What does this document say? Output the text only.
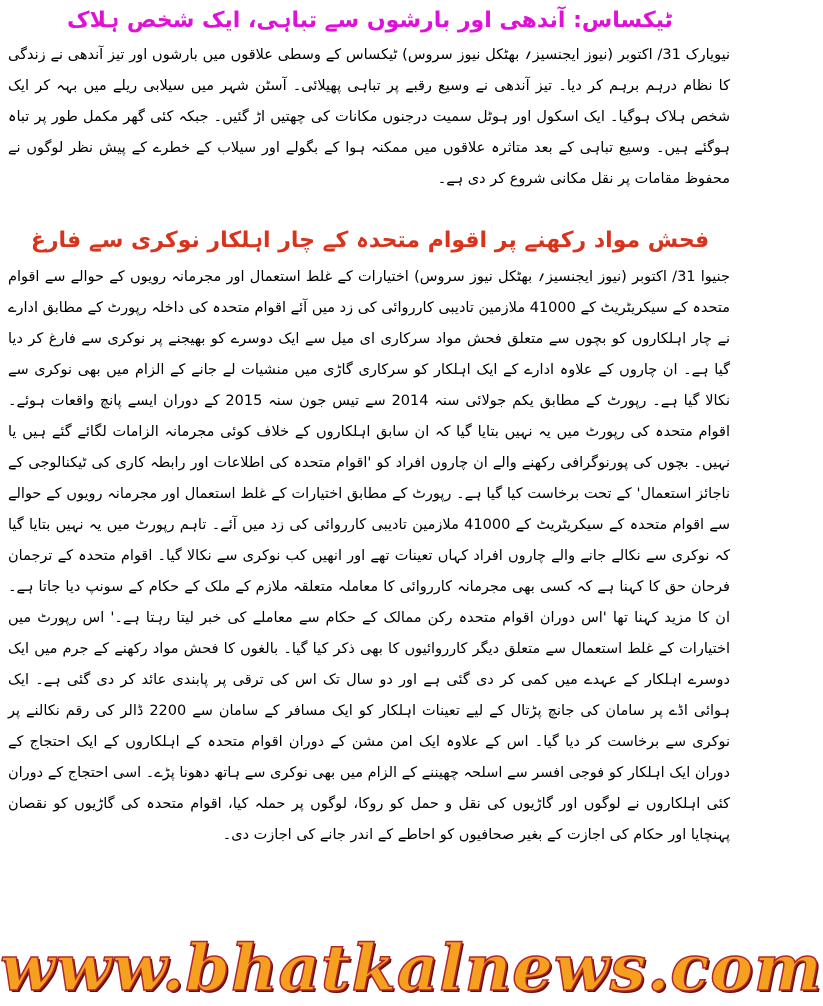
ٹیکساس: آندھی اور بارشوں سے تباہی، ایک شخص ہلاک

نیویارک 31/ اکتوبر (نیوز ایجنسیز؍ بھٹکل نیوز سروس) ٹیکساس کے وسطی علاقوں میں بارشوں اور تیز آندھی نے زندگی کا نظام درہم برہم کر دیا۔ تیز آندھی نے وسیع رقبے پر تباہی پھیلائی۔ آسٹن شہر میں سیلابی ریلے میں بہہ کر ایک شخص ہلاک ہوگیا۔ ایک اسکول اور ہوٹل سمیت درجنوں مکانات کی چھتیں اڑ گئیں۔ جبکہ کئی گھر مکمل طور پر تباہ ہوگئے ہیں۔ وسیع تباہی کے بعد متاثرہ علاقوں میں ممکنہ ہوا کے بگولے اور سیلاب کے خطرے کے پیش نظر لوگوں نے محفوظ مقامات پر نقل مکانی شروع کر دی ہے۔

فحش مواد رکھنے پر اقوام متحدہ کے چار اہلکار نوکری سے فارغ

جنیوا 31/ اکتوبر (نیوز ایجنسیز؍ بھٹکل نیوز سروس) اختیارات کے غلط استعمال اور مجرمانہ رویوں کے حوالے سے اقوام متحدہ کے سیکریٹریٹ کے 41000 ملازمین تادیبی کارروائی کی زد میں آئے اقوام متحدہ کی داخلہ رپورٹ کے مطابق ادارے نے چار اہلکاروں کو بچوں سے متعلق فحش مواد سرکاری ای میل سے ایک دوسرے کو بھیجنے پر نوکری سے فارغ کر دیا گیا ہے۔ ان چاروں کے علاوہ ادارے کے ایک اہلکار کو سرکاری گاڑی میں منشیات لے جانے کے الزام میں بھی نوکری سے نکالا گیا ہے۔ رپورٹ کے مطابق یکم جولائی سنہ 2014 سے تیس جون سنہ 2015 کے دوران ایسے پانچ واقعات ہوئے۔ اقوام متحدہ کی رپورٹ میں یہ نہیں بتایا گیا کہ ان سابق اہلکاروں کے خلاف کوئی مجرمانہ الزامات لگائے گئے ہیں یا نہیں۔ بچوں کی پورنوگرافی رکھنے والے ان چاروں افراد کو 'اقوام متحدہ کی اطلاعات اور رابطہ کاری کی ٹیکنالوجی کے ناجائز استعمال' کے تحت برخاست کیا گیا ہے۔ رپورٹ کے مطابق اختیارات کے غلط استعمال اور مجرمانہ رویوں کے حوالے سے اقوام متحدہ کے سیکریٹریٹ کے 41000 ملازمین تادیبی کارروائی کی زد میں آئے۔ تاہم رپورٹ میں یہ نہیں بتایا گیا کہ نوکری سے نکالے جانے والے چاروں افراد کہاں تعینات تھے اور انھیں کب نوکری سے نکالا گیا۔ اقوام متحدہ کے ترجمان فرحان حق کا کہنا ہے کہ کسی بھی مجرمانہ کارروائی کا معاملہ متعلقہ ملازم کے ملک کے حکام کے سونپ دیا جاتا ہے۔ ان کا مزید کہنا تھا 'اس دوران اقوام متحدہ رکن ممالک کے حکام سے معاملے کی خبر لیتا رہتا ہے۔' اس رپورٹ میں اختیارات کے غلط استعمال سے متعلق دیگر کارروائیوں کا بھی ذکر کیا گیا۔ بالغوں کا فحش مواد رکھنے کے جرم میں ایک دوسرے اہلکار کے عہدے میں کمی کر دی گئی ہے اور دو سال تک اس کی ترقی پر پابندی عائد کر دی گئی ہے۔ ایک ہوائی اڈے پر سامان کی جانچ پڑتال کے لیے تعینات اہلکار کو ایک مسافر کے سامان سے 2200 ڈالر کی رقم نکالنے پر نوکری سے برخاست کر دیا گیا۔ اس کے علاوہ ایک امن مشن کے دوران اقوام متحدہ کے اہلکاروں کے ایک احتجاج کے دوران ایک اہلکار کو فوجی افسر سے اسلحہ چھیننے کے الزام میں بھی نوکری سے ہاتھ دھونا پڑے۔ اسی احتجاج کے دوران کئی اہلکاروں نے لوگوں اور گاڑیوں کی نقل و حمل کو روکا، لوگوں پر حملہ کیا، اقوام متحدہ کی گاڑیوں کو نقصان پہنچایا اور حکام کی اجازت کے بغیر صحافیوں کو احاطے کے اندر جانے کی اجازت دی۔

www.bhatkalnews.com
